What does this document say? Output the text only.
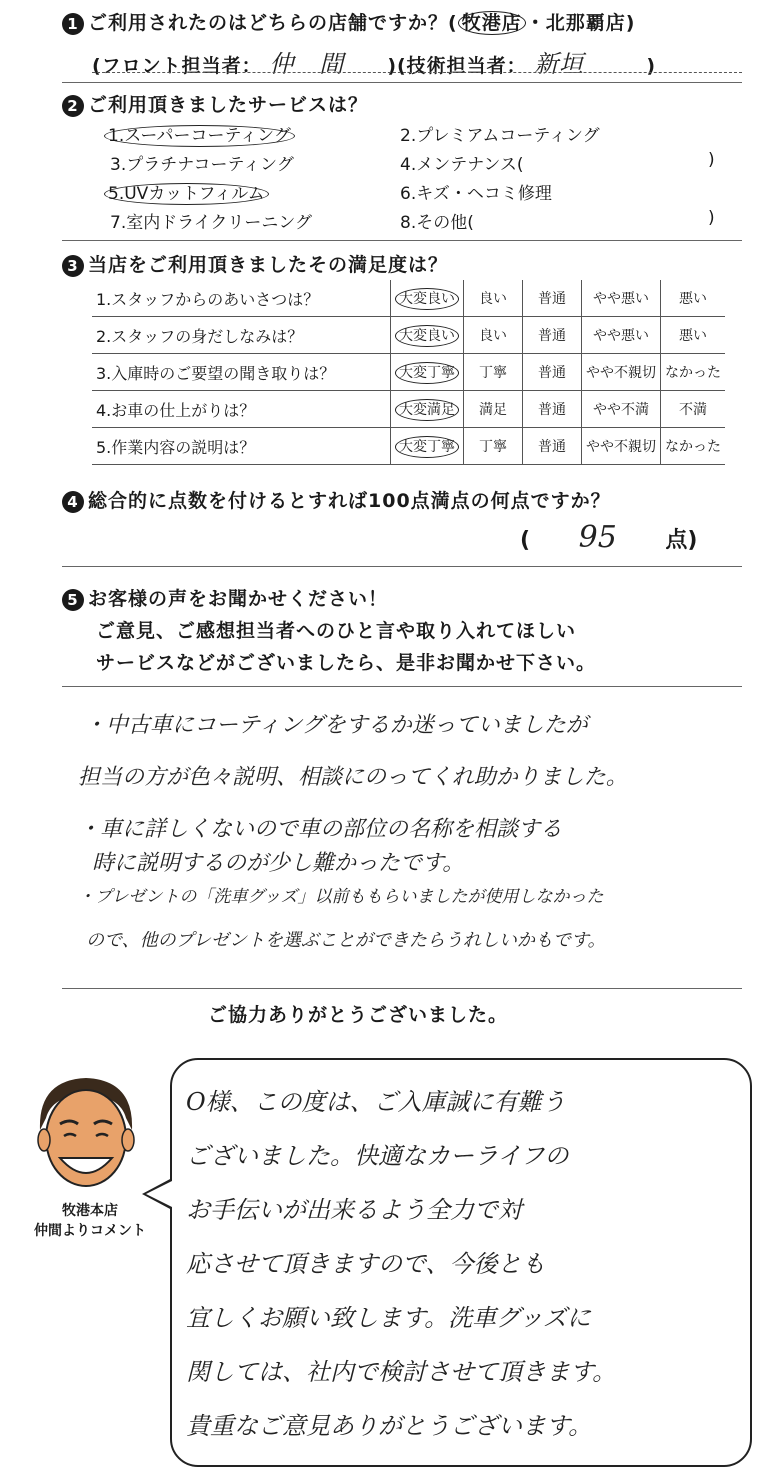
1 ご利用されたのはどちらの店舗ですか？( 牧港店 ・北那覇店)
(フロント担当者： 仲　間 )(技術担当者： 新垣	)
2 ご利用頂きましたサービスは？
1.スーパーコーティング	2.プレミアムコーティング
3.プラチナコーティング	4.メンテナンス(	)
5.UVカットフィルム	6.キズ・ヘコミ修理
7.室内ドライクリーニング	8.その他(	)
3 当店をご利用頂きましたその満足度は？
1.スタッフからのあいさつは？	大変良い	良い	普通	やや悪い	悪い
2.スタッフの身だしなみは？	大変良い	良い	普通	やや悪い	悪い
3.入庫時のご要望の聞き取りは？	大変丁寧	丁寧	普通	やや不親切	なかった
4.お車の仕上がりは？	大変満足	満足	普通	やや不満	不満
5.作業内容の説明は？	大変丁寧	丁寧	普通	やや不親切	なかった
4 総合的に点数を付けるとすれば100点満点の何点ですか？
( 95 点)
5 お客様の声をお聞かせください！
ご意見、ご感想担当者へのひと言や取り入れてほしい
サービスなどがございましたら、是非お聞かせ下さい。
・中古車にコーティングをするか迷っていましたが
担当の方が色々説明、相談にのってくれ助かりました。
・車に詳しくないので車の部位の名称を相談する
時に説明するのが少し難かったです。
・プレゼントの「洗車グッズ」以前ももらいましたが使用しなかった
ので、他のプレゼントを選ぶことができたらうれしいかもです。
ご協力ありがとうございました。
牧港本店
仲間よりコメント
O様、この度は、ご入庫誠に有難う
ございました。快適なカーライフの
お手伝いが出来るよう全力で対
応させて頂きますので、今後とも
宜しくお願い致します。洗車グッズに
関しては、社内で検討させて頂きます。
貴重なご意見ありがとうございます。
